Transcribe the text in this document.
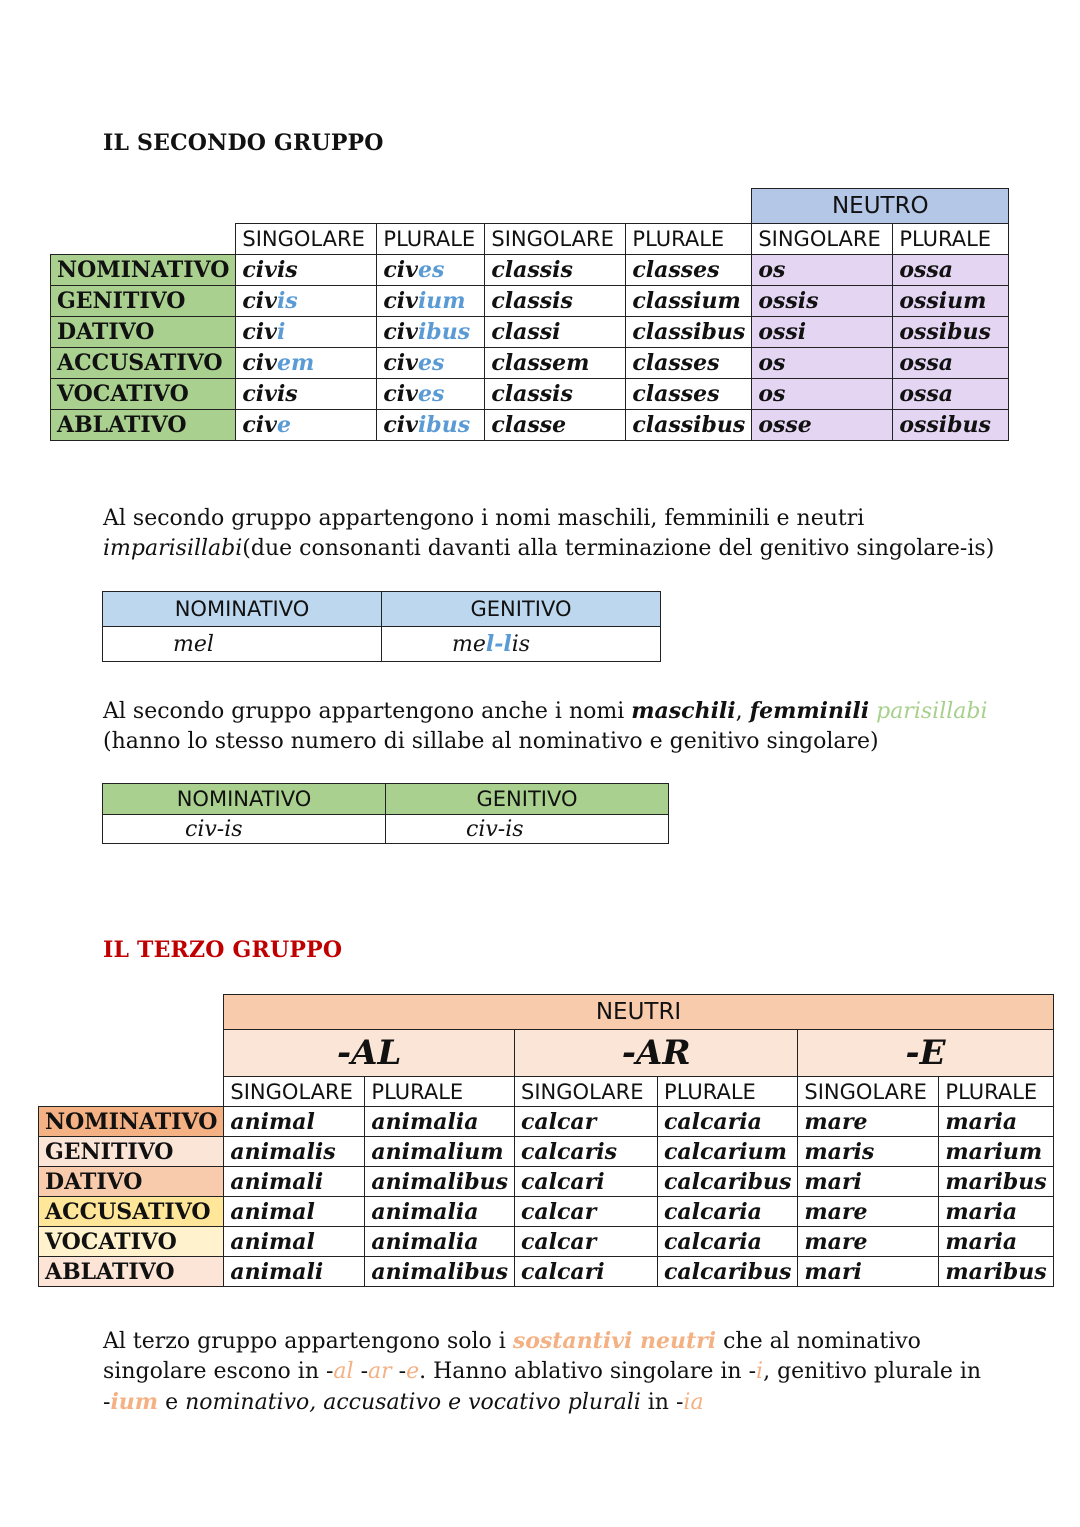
IL SECONDO GRUPPO
					NEUTRO	
	SINGOLARE	PLURALE	SINGOLARE	PLURALE	SINGOLARE	PLURALE
NOMINATIVO	civis	cives	classis	classes	os	ossa
GENITIVO	civis	civium	classis	classium	ossis	ossium
DATIVO	civi	civibus	classi	classibus	ossi	ossibus
ACCUSATIVO	civem	cives	classem	classes	os	ossa
VOCATIVO	civis	cives	classis	classes	os	ossa
ABLATIVO	cive	civibus	classe	classibus	osse	ossibus
Al secondo gruppo appartengono i nomi maschili, femminili e neutri
imparisillabi(due consonanti davanti alla terminazione del genitivo singolare-is)
NOMINATIVO	GENITIVO
mel	mel-lis
Al secondo gruppo appartengono anche i nomi maschili, femminili parisillabi
(hanno lo stesso numero di sillabe al nominativo e genitivo singolare)
NOMINATIVO	GENITIVO
civ-is	civ-is
IL TERZO GRUPPO
	NEUTRI					
	-AL		-AR		-E	
	SINGOLARE	PLURALE	SINGOLARE	PLURALE	SINGOLARE	PLURALE
NOMINATIVO	animal	animalia	calcar	calcaria	mare	maria
GENITIVO	animalis	animalium	calcaris	calcarium	maris	marium
DATIVO	animali	animalibus	calcari	calcaribus	mari	maribus
ACCUSATIVO	animal	animalia	calcar	calcaria	mare	maria
VOCATIVO	animal	animalia	calcar	calcaria	mare	maria
ABLATIVO	animali	animalibus	calcari	calcaribus	mari	maribus
Al terzo gruppo appartengono solo i sostantivi neutri che al nominativo
singolare escono in -al -ar -e. Hanno ablativo singolare in -i, genitivo plurale in
-ium e nominativo, accusativo e vocativo plurali in -ia
